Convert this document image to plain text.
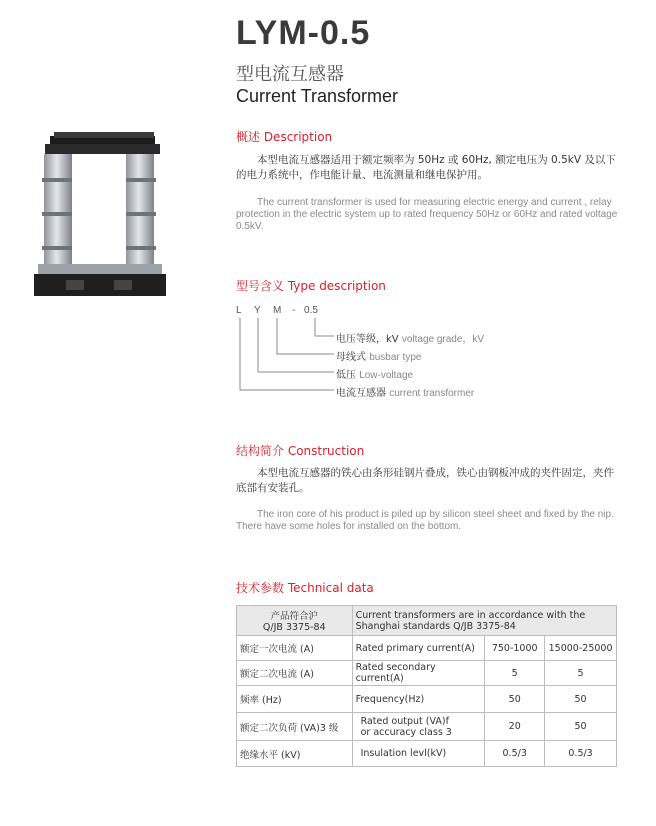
LYM-0.5
型电流互感器
Current Transformer
概述 Description
本型电流互感器适用于额定频率为 50Hz 或 60Hz, 额定电压为 0.5kV 及以下的电力系统中，作电能计量、电流测量和继电保护用。
The current transformer is used for measuring electric energy and current , relay protection in the electric system up to rated frequency 50Hz or 60Hz and rated voltage 0.5kV.
型号含义 Type description
L Y M - 0.5
电压等级，kV voltage grade，kV
母线式 busbar type
低压 Low-voltage
电流互感器 current transformer
结构简介 Construction
本型电流互感器的铁心由条形硅钢片叠成，铁心由钢板冲成的夹件固定，夹件底部有安装孔。
The iron core of his product is piled up by silicon steel sheet and fixed by the nip. There have some holes for installed on the bottom.
技术参数 Technical data
产品符合沪
Q/JB 3375-84	Current transformers are in accordance with the
Shanghai standards Q/JB 3375-84		
额定一次电流 (A)	Rated primary current(A)	750-1000	15000-25000
额定二次电流 (A)	Rated secondary current(A)	5	5
频率 (Hz)	Frequency(Hz)	50	50
额定二次负荷 (VA)3 级	Rated output (VA)f
or accuracy class 3	20	50
绝缘水平 (kV)	Insulation levl(kV)	0.5/3	0.5/3
